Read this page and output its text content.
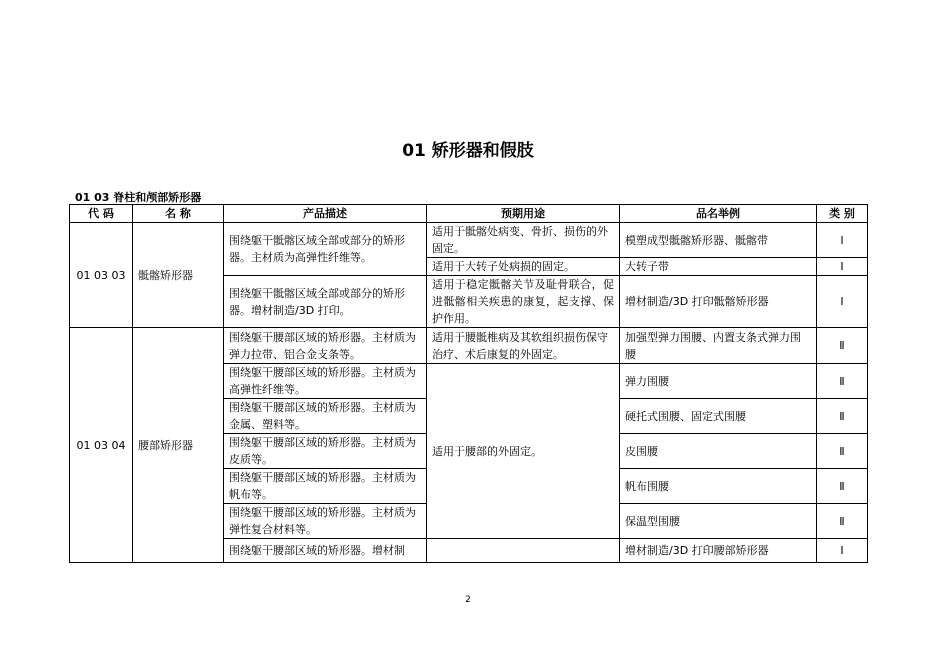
01 矫形器和假肢
01 03 脊柱和颅部矫形器
代 码	名 称	产品描述	预期用途	品名举例	类 别
01 03 03	骶髂矫形器	围绕躯干骶髂区域全部或部分的矫形器。主材质为高弹性纤维等。	适用于骶髂处病变、骨折、损伤的外固定。	模塑成型骶髂矫形器、骶髂带	Ⅰ
			适用于大转子处病损的固定。	大转子带	Ⅰ
		围绕躯干骶髂区域全部或部分的矫形器。增材制造/3D 打印。	适用于稳定骶髂关节及耻骨联合，促进骶髂相关疾患的康复，起支撑、保护作用。	增材制造/3D 打印骶髂矫形器	Ⅰ
01 03 04	腰部矫形器	围绕躯干腰部区域的矫形器。主材质为弹力拉带、铝合金支条等。	适用于腰骶椎病及其软组织损伤保守治疗、术后康复的外固定。	加强型弹力围腰、内置支条式弹力围腰	Ⅱ
		围绕躯干腰部区域的矫形器。主材质为高弹性纤维等。	适用于腰部的外固定。	弹力围腰	Ⅱ
		围绕躯干腰部区域的矫形器。主材质为金属、塑料等。		硬托式围腰、固定式围腰	Ⅱ
		围绕躯干腰部区域的矫形器。主材质为皮质等。		皮围腰	Ⅱ
		围绕躯干腰部区域的矫形器。主材质为帆布等。		帆布围腰	Ⅱ
		围绕躯干腰部区域的矫形器。主材质为弹性复合材料等。		保温型围腰	Ⅱ
		围绕躯干腰部区域的矫形器。增材制		增材制造/3D 打印腰部矫形器	Ⅰ
2
